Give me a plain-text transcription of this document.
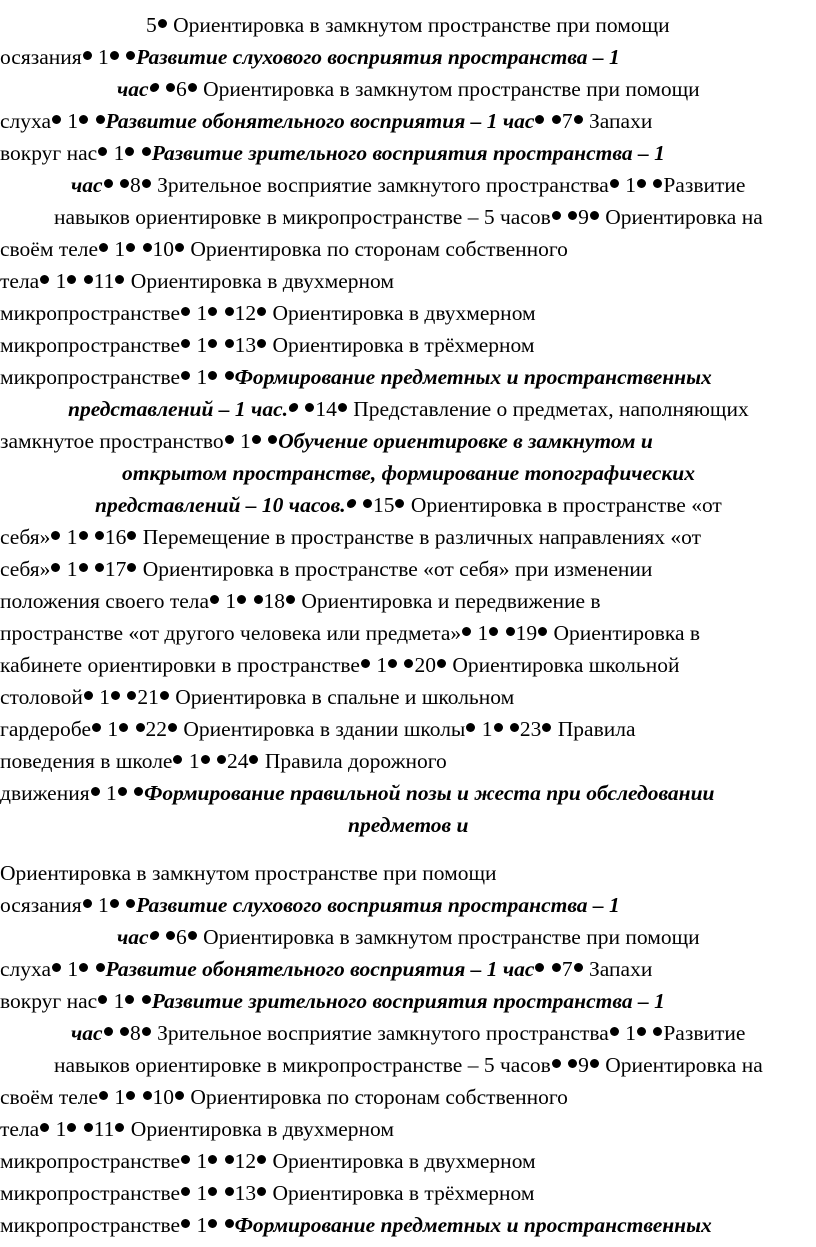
5 Ориентировка в замкнутом пространстве при помощи
осязания 1 Развитие слухового восприятия пространства – 1
час 6 Ориентировка в замкнутом пространстве при помощи
слуха 1 Развитие обонятельного восприятия – 1 час 7 Запахи
вокруг нас 1 Развитие зрительного восприятия пространства – 1
час 8 Зрительное восприятие замкнутого пространства 1 Развитие
навыков ориентировке в микропространстве – 5 часов 9 Ориентировка на
своём теле 1 10 Ориентировка по сторонам собственного
тела 1 11 Ориентировка в двухмерном
микропространстве 1 12 Ориентировка в двухмерном
микропространстве 1 13 Ориентировка в трёхмерном
микропространстве 1 Формирование предметных и пространственных
представлений – 1 час. 14 Представление о предметах, наполняющих
замкнутое пространство 1 Обучение ориентировке в замкнутом и
открытом пространстве, формирование топографических
представлений – 10 часов. 15 Ориентировка в пространстве «от
себя» 1 16 Перемещение в пространстве в различных направлениях «от
себя» 1 17 Ориентировка в пространстве «от себя» при изменении
положения своего тела 1 18 Ориентировка и передвижение в
пространстве «от другого человека или предмета» 1 19 Ориентировка в
кабинете ориентировки в пространстве 1 20 Ориентировка школьной
столовой 1 21 Ориентировка в спальне и школьном
гардеробе 1 22 Ориентировка в здании школы 1 23 Правила
поведения в школе 1 24 Правила дорожного
движения 1 Формирование правильной позы и жеста при обследовании
предметов и
Ориентировка в замкнутом пространстве при помощи
осязания 1 Развитие слухового восприятия пространства – 1
час 6 Ориентировка в замкнутом пространстве при помощи
слуха 1 Развитие обонятельного восприятия – 1 час 7 Запахи
вокруг нас 1 Развитие зрительного восприятия пространства – 1
час 8 Зрительное восприятие замкнутого пространства 1 Развитие
навыков ориентировке в микропространстве – 5 часов 9 Ориентировка на
своём теле 1 10 Ориентировка по сторонам собственного
тела 1 11 Ориентировка в двухмерном
микропространстве 1 12 Ориентировка в двухмерном
микропространстве 1 13 Ориентировка в трёхмерном
микропространстве 1 Формирование предметных и пространственных
